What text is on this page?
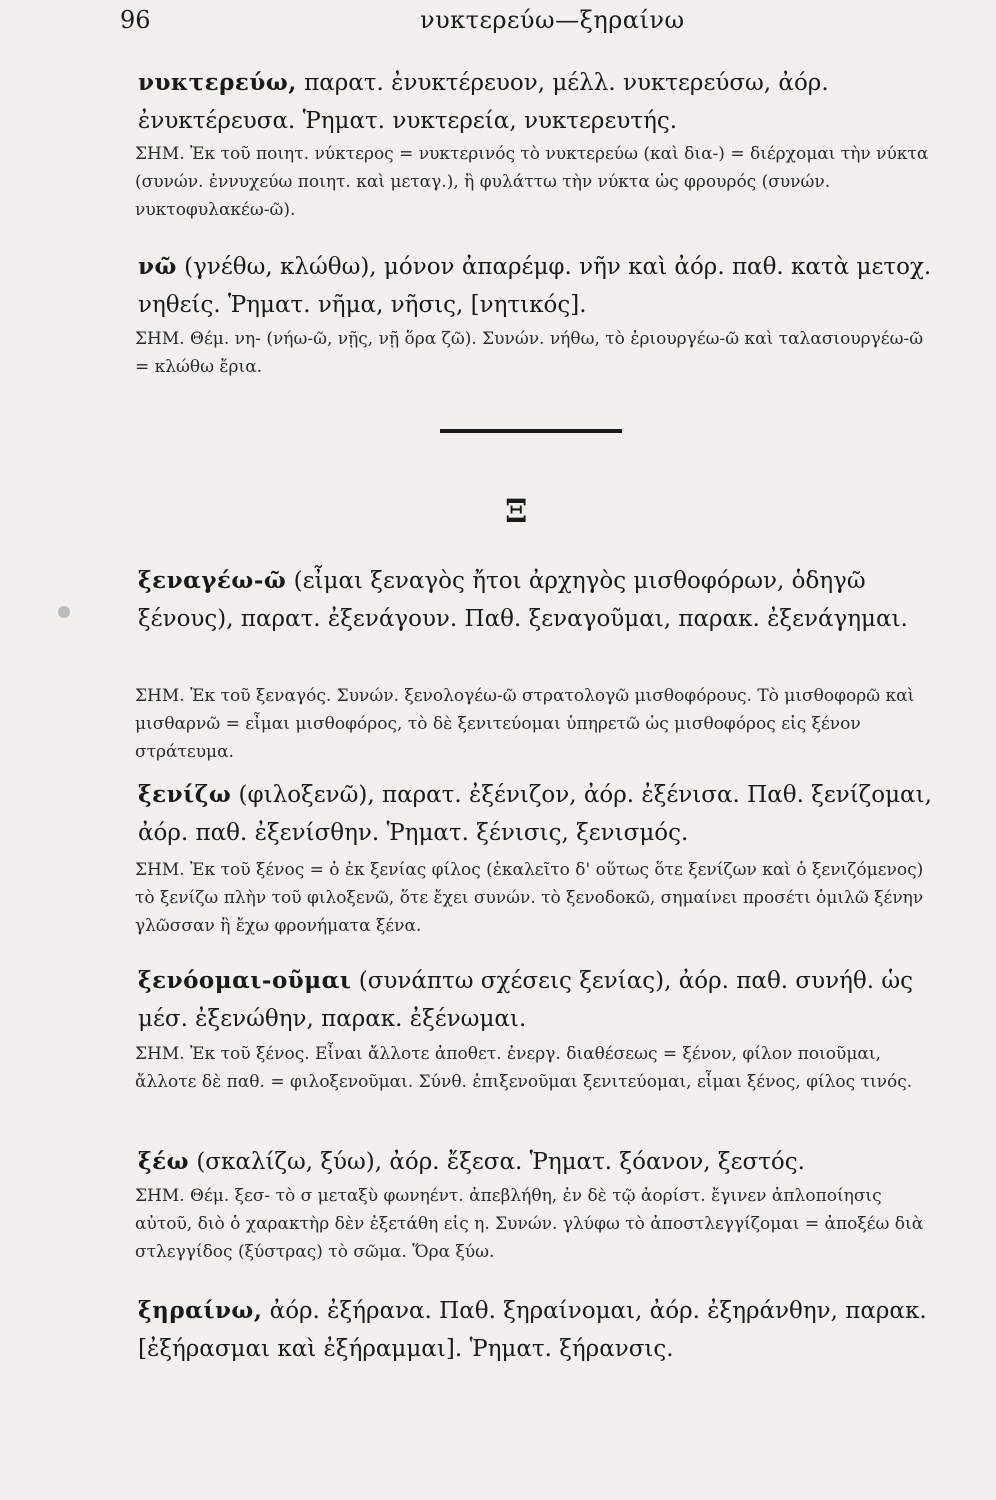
96	νυκτερεύω—ξηραίνω
νυκτερεύω, παρατ. ἐνυκτέρευον, μέλλ. νυκτερεύσω, ἀόρ. ἐνυκτέρευσα. Ῥηματ. νυκτερεία, νυκτερευτής.
ΣΗΜ. Ἐκ τοῦ ποιητ. νύκτερος = νυκτερινός τὸ νυκτερεύω (καὶ δια-) = διέρχομαι τὴν νύκτα (συνών. ἐννυχεύω ποιητ. καὶ μεταγ.), ἢ φυλάττω τὴν νύκτα ὡς φρουρός (συνών. νυκτοφυλακέω-ῶ).
νῶ (γνέθω, κλώθω), μόνον ἀπαρέμφ. νῆν καὶ ἀόρ. παθ. κατὰ μετοχ. νηθείς. Ῥηματ. νῆμα, νῆσις, [νητικός].
ΣΗΜ. Θέμ. νη- (νήω-ῶ, νῇς, νῇ ὅρα ζῶ). Συνών. νήθω, τὸ ἐριουργέω-ῶ καὶ ταλασιουργέω-ῶ = κλώθω ἔρια.
Ξ
ξεναγέω-ῶ (εἶμαι ξεναγὸς ἤτοι ἀρχηγὸς μισθοφόρων, ὁδηγῶ ξένους), παρατ. ἐξενάγουν. Παθ. ξεναγοῦμαι, παρακ. ἐξενάγημαι.
ΣΗΜ. Ἐκ τοῦ ξεναγός. Συνών. ξενολογέω-ῶ στρατολογῶ μισθοφόρους. Τὸ μισθοφορῶ καὶ μισθαρνῶ = εἶμαι μισθοφόρος, τὸ δὲ ξενιτεύομαι ὑπηρετῶ ὡς μισθοφόρος εἰς ξένον στράτευμα.
ξενίζω (φιλοξενῶ), παρατ. ἐξένιζον, ἀόρ. ἐξένισα. Παθ. ξενίζομαι, ἀόρ. παθ. ἐξενίσθην. Ῥηματ. ξένισις, ξενισμός.
ΣΗΜ. Ἐκ τοῦ ξένος = ὁ ἐκ ξενίας φίλος (ἐκαλεῖτο δ' οὕτως ὅτε ξενίζων καὶ ὁ ξενιζόμενος) τὸ ξενίζω πλὴν τοῦ φιλοξενῶ, ὅτε ἔχει συνών. τὸ ξενοδοκῶ, σημαίνει προσέτι ὁμιλῶ ξένην γλῶσσαν ἢ ἔχω φρονήματα ξένα.
ξενόομαι-οῦμαι (συνάπτω σχέσεις ξενίας), ἀόρ. παθ. συνήθ. ὡς μέσ. ἐξενώθην, παρακ. ἐξένωμαι.
ΣΗΜ. Ἐκ τοῦ ξένος. Εἶναι ἄλλοτε ἀποθετ. ἐνεργ. διαθέσεως = ξένον, φίλον ποιοῦμαι, ἄλλοτε δὲ παθ. = φιλοξενοῦμαι. Σύνθ. ἐπιξενοῦμαι ξενιτεύομαι, εἶμαι ξένος, φίλος τινός.
ξέω (σκαλίζω, ξύω), ἀόρ. ἔξεσα. Ῥηματ. ξόανον, ξεστός.
ΣΗΜ. Θέμ. ξεσ- τὸ σ μεταξὺ φωνηέντ. ἀπεβλήθη, ἐν δὲ τῷ ἀορίστ. ἔγινεν ἁπλοποίησις αὐτοῦ, διὸ ὁ χαρακτὴρ δὲν ἐξετάθη εἰς η. Συνών. γλύφω τὸ ἀποστλεγγίζομαι = ἀποξέω διὰ στλεγγίδος (ξύστρας) τὸ σῶμα. Ὅρα ξύω.
ξηραίνω, ἀόρ. ἐξήρανα. Παθ. ξηραίνομαι, ἀόρ. ἐξηράνθην, παρακ. [ἐξήρασμαι καὶ ἐξήραμμαι]. Ῥηματ. ξήρανσις.
